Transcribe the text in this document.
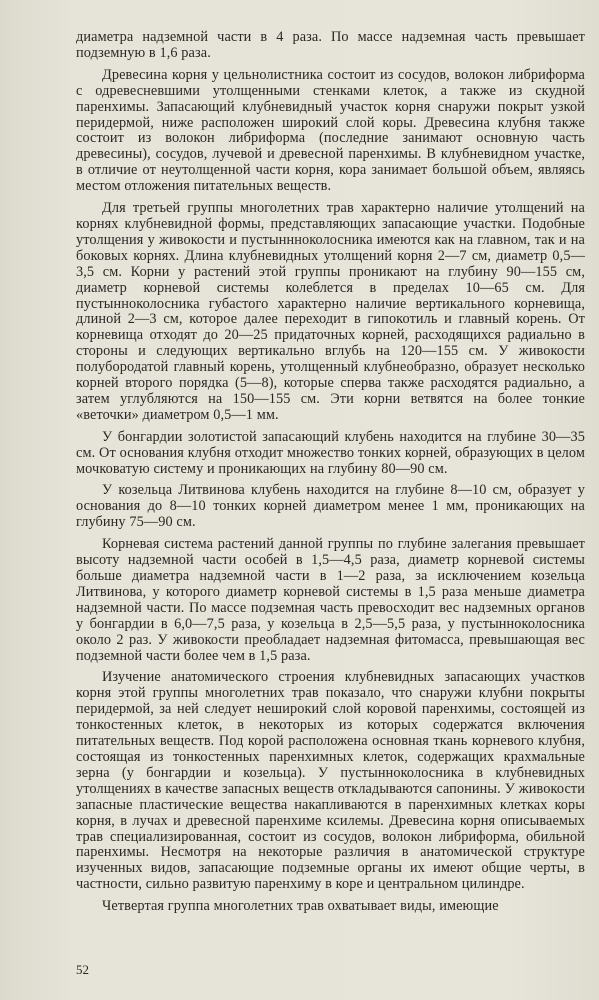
диаметра надземной части в 4 раза. По массе надземная часть превышает подземную в 1,6 раза.

Древесина корня у цельнолистника состоит из сосудов, волокон либриформа с одревесневшими утолщенными стенками клеток, а также из скудной паренхимы. Запасающий клубневидный участок корня снаружи покрыт узкой перидермой, ниже расположен широкий слой коры. Древесина клубня также состоит из волокон либриформа (последние занимают основную часть древесины), сосудов, лучевой и древесной паренхимы. В клубневидном участке, в отличие от неутолщенной части корня, кора занимает большой объем, являясь местом отложения питательных веществ.

Для третьей группы многолетних трав характерно наличие утолщений на корнях клубневидной формы, представляющих запасающие участки. Подобные утолщения у живокости и пустыннноколосника имеются как на главном, так и на боковых корнях. Длина клубневидных утолщений корня 2—7 см, диаметр 0,5—3,5 см. Корни у растений этой группы проникают на глубину 90—155 см, диаметр корневой системы колеблется в пределах 10—65 см. Для пустынноколосника губастого характерно наличие вертикального корневища, длиной 2—3 см, которое далее переходит в гипокотиль и главный корень. От корневища отходят до 20—25 придаточных корней, расходящихся радиально в стороны и следующих вертикально вглубь на 120—155 см. У живокости полубородатой главный корень, утолщенный клубнеобразно, образует несколько корней второго порядка (5—8), которые сперва также расходятся радиально, а затем углубляются на 150—155 см. Эти корни ветвятся на более тонкие «веточки» диаметром 0,5—1 мм.

У бонгардии золотистой запасающий клубень находится на глубине 30—35 см. От основания клубня отходит множество тонких корней, образующих в целом мочковатую систему и проникающих на глубину 80—90 см.

У козельца Литвинова клубень находится на глубине 8—10 см, образует у основания до 8—10 тонких корней диаметром менее 1 мм, проникающих на глубину 75—90 см.

Корневая система растений данной группы по глубине залегания превышает высоту надземной части особей в 1,5—4,5 раза, диаметр корневой системы больше диаметра надземной части в 1—2 раза, за исключением козельца Литвинова, у которого диаметр корневой системы в 1,5 раза меньше диаметра надземной части. По массе подземная часть превосходит вес надземных органов у бонгардии в 6,0—7,5 раза, у козельца в 2,5—5,5 раза, у пустынноколосника около 2 раз. У живокости преобладает надземная фитомасса, превышающая вес подземной части более чем в 1,5 раза.

Изучение анатомического строения клубневидных запасающих участков корня этой группы многолетних трав показало, что снаружи клубни покрыты перидермой, за ней следует неширокий слой коровой паренхимы, состоящей из тонкостенных клеток, в некоторых из которых содержатся включения питательных веществ. Под корой расположена основная ткань корневого клубня, состоящая из тонкостенных паренхимных клеток, содержащих крахмальные зерна (у бонгардии и козельца). У пустынноколосника в клубневидных утолщениях в качестве запасных веществ откладываются сапонины. У живокости запасные пластические вещества накапливаются в паренхимных клетках коры корня, в лучах и древесной паренхиме ксилемы. Древесина корня описываемых трав специализированная, состоит из сосудов, волокон либриформа, обильной паренхимы. Несмотря на некоторые различия в анатомической структуре изученных видов, запасающие подземные органы их имеют общие черты, в частности, сильно развитую паренхиму в коре и центральном цилиндре.

Четвертая группа многолетних трав охватывает виды, имеющие

52
